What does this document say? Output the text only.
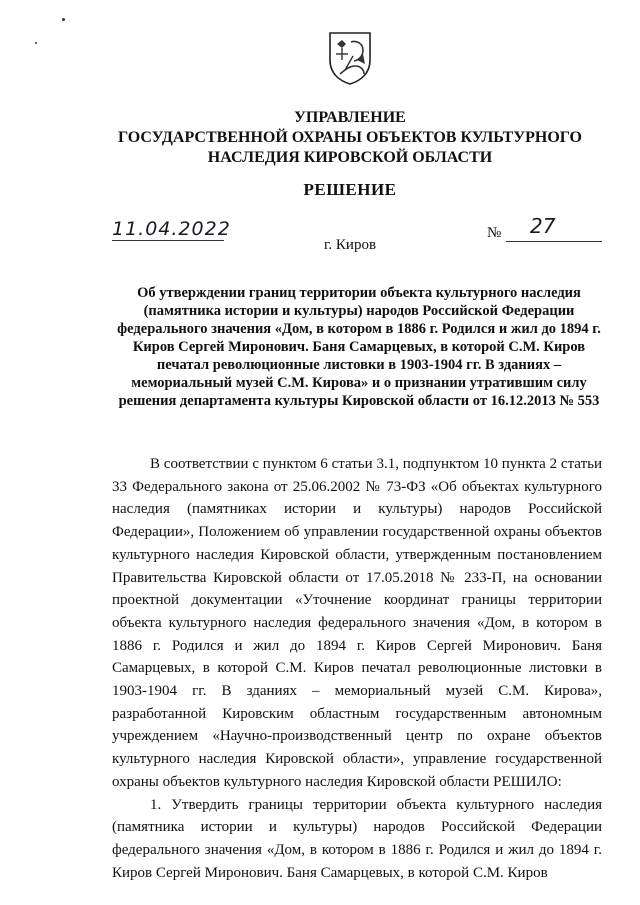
УПРАВЛЕНИЕ
ГОСУДАРСТВЕННОЙ ОХРАНЫ ОБЪЕКТОВ КУЛЬТУРНОГО
НАСЛЕДИЯ КИРОВСКОЙ ОБЛАСТИ
РЕШЕНИЕ
11.04.2022	№ 27
г. Киров
Об утверждении границ территории объекта культурного наследия (памятника истории и культуры) народов Российской Федерации федерального значения «Дом, в котором в 1886 г. Родился и жил до 1894 г. Киров Сергей Миронович. Баня Самарцевых, в которой С.М. Киров печатал революционные листовки в 1903-1904 гг. В зданиях – мемориальный музей С.М. Кирова» и о признании утратившим силу решения департамента культуры Кировской области от 16.12.2013 № 553

В соответствии с пунктом 6 статьи 3.1, подпунктом 10 пункта 2 статьи 33 Федерального закона от 25.06.2002 № 73-ФЗ «Об объектах культурного наследия (памятниках истории и культуры) народов Российской Федерации», Положением об управлении государственной охраны объектов культурного наследия Кировской области, утвержденным постановлением Правительства Кировской области от 17.05.2018 № 233-П, на основании проектной документации «Уточнение координат границы территории объекта культурного наследия федерального значения «Дом, в котором в 1886 г. Родился и жил до 1894 г. Киров Сергей Миронович. Баня Самарцевых, в которой С.М. Киров печатал революционные листовки в 1903-1904 гг. В зданиях – мемориальный музей С.М. Кирова», разработанной Кировским областным государственным автономным учреждением «Научно-производственный центр по охране объектов культурного наследия Кировской области», управление государственной охраны объектов культурного наследия Кировской области РЕШИЛО:

1. Утвердить границы территории объекта культурного наследия (памятника истории и культуры) народов Российской Федерации федерального значения «Дом, в котором в 1886 г. Родился и жил до 1894 г. Киров Сергей Миронович. Баня Самарцевых, в которой С.М. Киров
